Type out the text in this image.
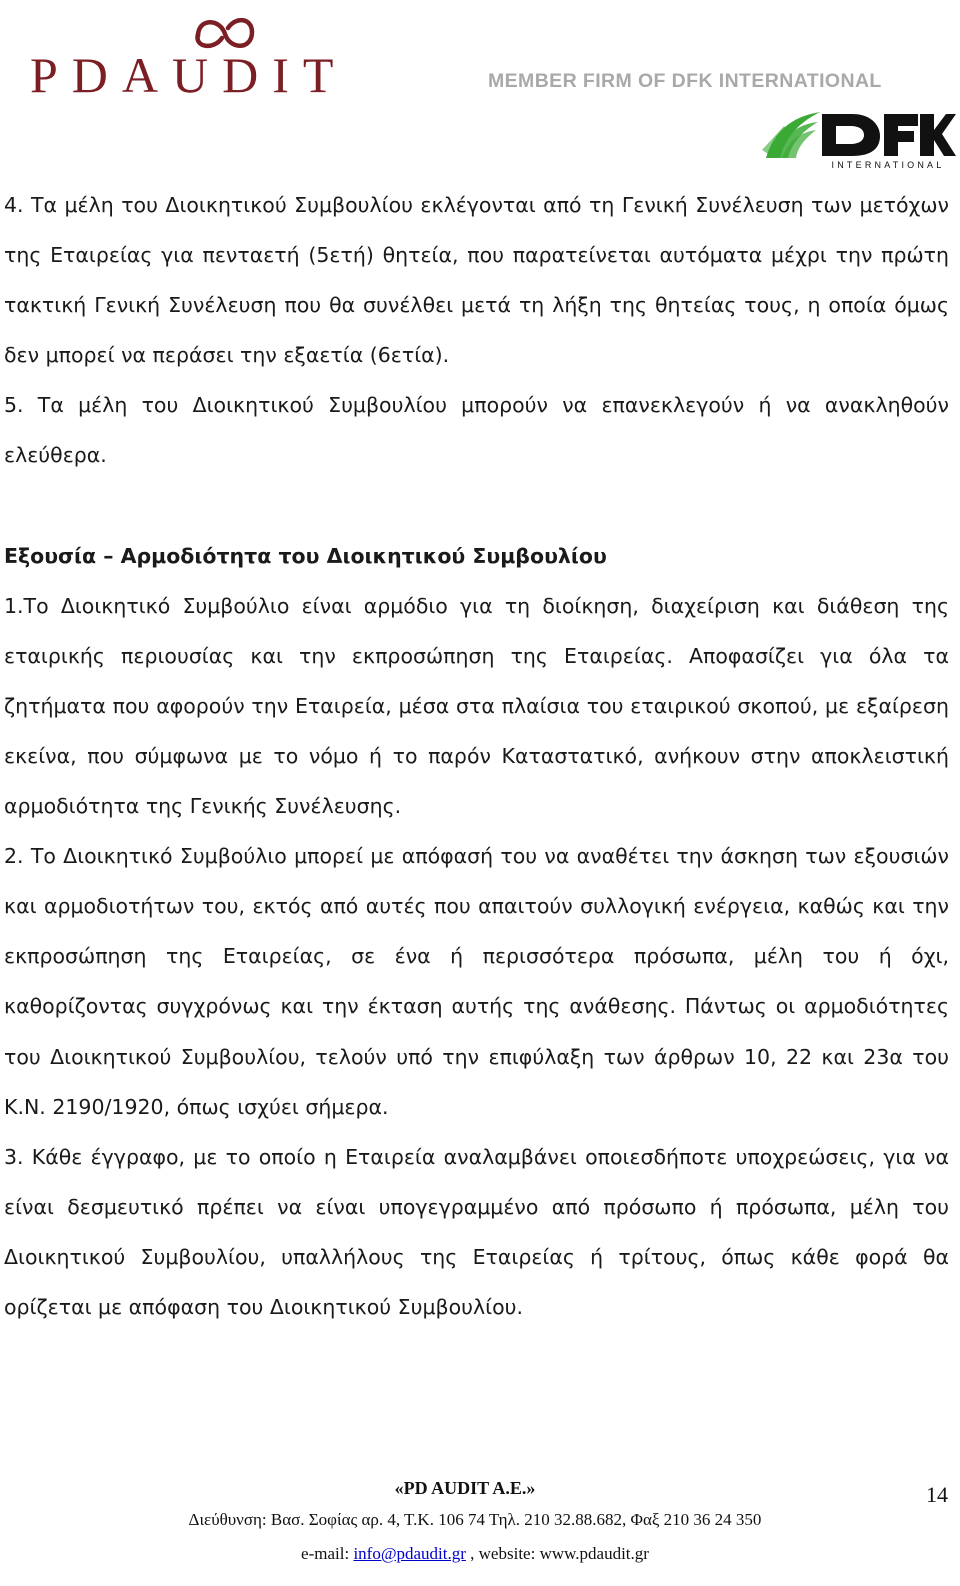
PDAUDIT	MEMBER FIRM OF DFK INTERNATIONAL

INTERNATIONAL

4. Τα μέλη του Διοικητικού Συμβουλίου εκλέγονται από τη Γενική Συνέλευση των μετόχων της Εταιρείας για πενταετή (5ετή) θητεία, που παρατείνεται αυτόματα μέχρι την πρώτη τακτική Γενική Συνέλευση που θα συνέλθει μετά τη λήξη της θητείας τους, η οποία όμως δεν μπορεί να περάσει την εξαετία (6ετία).

5. Τα μέλη του Διοικητικού Συμβουλίου μπορούν να επανεκλεγούν ή να ανακληθούν ελεύθερα.

Εξουσία – Αρμοδιότητα του Διοικητικού Συμβουλίου

1.Το Διοικητικό Συμβούλιο είναι αρμόδιο για τη διοίκηση, διαχείριση και διάθεση της εταιρικής περιουσίας και την εκπροσώπηση της Εταιρείας. Αποφασίζει για όλα τα ζητήματα που αφορούν την Εταιρεία, μέσα στα πλαίσια του εταιρικού σκοπού, με εξαίρεση εκείνα, που σύμφωνα με το νόμο ή το παρόν Καταστατικό, ανήκουν στην αποκλειστική αρμοδιότητα της Γενικής Συνέλευσης.

2. Το Διοικητικό Συμβούλιο μπορεί με απόφασή του να αναθέτει την άσκηση των εξουσιών και αρμοδιοτήτων του, εκτός από αυτές που απαιτούν συλλογική ενέργεια, καθώς και την εκπροσώπηση της Εταιρείας, σε ένα ή περισσότερα πρόσωπα, μέλη του ή όχι, καθορίζοντας συγχρόνως και την έκταση αυτής της ανάθεσης. Πάντως οι αρμοδιότητες του Διοικητικού Συμβουλίου, τελούν υπό την επιφύλαξη των άρθρων 10, 22 και 23α του Κ.Ν. 2190/1920, όπως ισχύει σήμερα.

3. Κάθε έγγραφο, με το οποίο η Εταιρεία αναλαμβάνει οποιεσδήποτε υποχρεώσεις, για να είναι δεσμευτικό πρέπει να είναι υπογεγραμμένο από πρόσωπο ή πρόσωπα, μέλη του Διοικητικού Συμβουλίου, υπαλλήλους της Εταιρείας ή τρίτους, όπως κάθε φορά θα ορίζεται με απόφαση του Διοικητικού Συμβουλίου.

«PD AUDIT A.E.»	14

Διεύθυνση: Βασ. Σοφίας αρ. 4, Τ.Κ. 106 74 Τηλ. 210 32.88.682, Φαξ 210 36 24 350

e-mail: info@pdaudit.gr , website: www.pdaudit.gr
